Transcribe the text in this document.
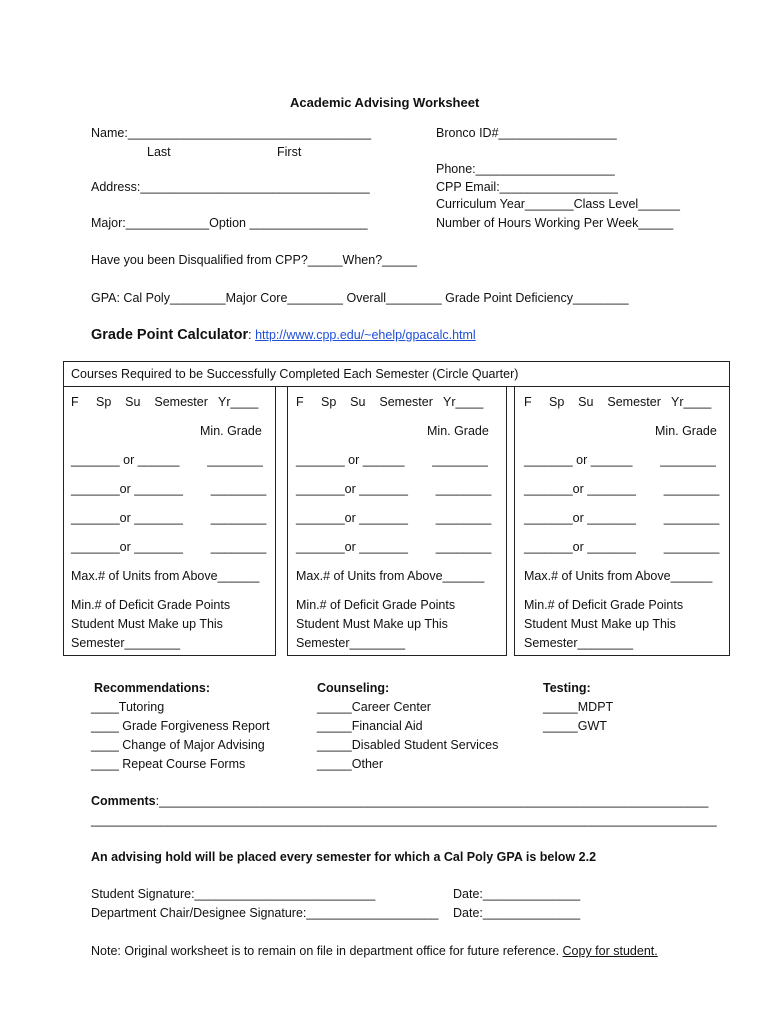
Academic Advising Worksheet
Name:___________________________________
Last	First
Address:_________________________________
Major:____________Option _________________
Bronco ID#_________________
Phone:____________________
CPP Email:_________________
Curriculum Year_______Class Level______
Number of Hours Working Per Week_____
Have you been Disqualified from CPP?_____When?_____
GPA: Cal Poly________Major Core________ Overall________ Grade Point Deficiency________
Grade Point Calculator: http://www.cpp.edu/~ehelp/gpacalc.html
Courses Required to be Successfully Completed Each Semester (Circle Quarter)
F     Sp    Su    Semester   Yr____
Min. Grade
_______ or ______        ________
_______or _______        ________
_______or _______        ________
_______or _______        ________
Max.# of Units from Above______
Min.# of Deficit Grade Points
Student Must Make up This
Semester________
F     Sp    Su    Semester   Yr____
Min. Grade
_______ or ______        ________
_______or _______        ________
_______or _______        ________
_______or _______        ________
Max.# of Units from Above______
Min.# of Deficit Grade Points
Student Must Make up This
Semester________
F     Sp    Su    Semester   Yr____
Min. Grade
_______ or ______        ________
_______or _______        ________
_______or _______        ________
_______or _______        ________
Max.# of Units from Above______
Min.# of Deficit Grade Points
Student Must Make up This
Semester________
Recommendations:
____Tutoring
____ Grade Forgiveness Report
____ Change of Major Advising
____ Repeat Course Forms
Counseling:
_____Career Center
_____Financial Aid
_____Disabled Student Services
_____Other
Testing:
_____MDPT
_____GWT
Comments:_______________________________________________________________________________
__________________________________________________________________________________________
An advising hold will be placed every semester for which a Cal Poly GPA is below 2.2
Student Signature:__________________________	Date:______________
Department Chair/Designee Signature:___________________ Date:______________
Note: Original worksheet is to remain on file in department office for future reference. Copy for student.
